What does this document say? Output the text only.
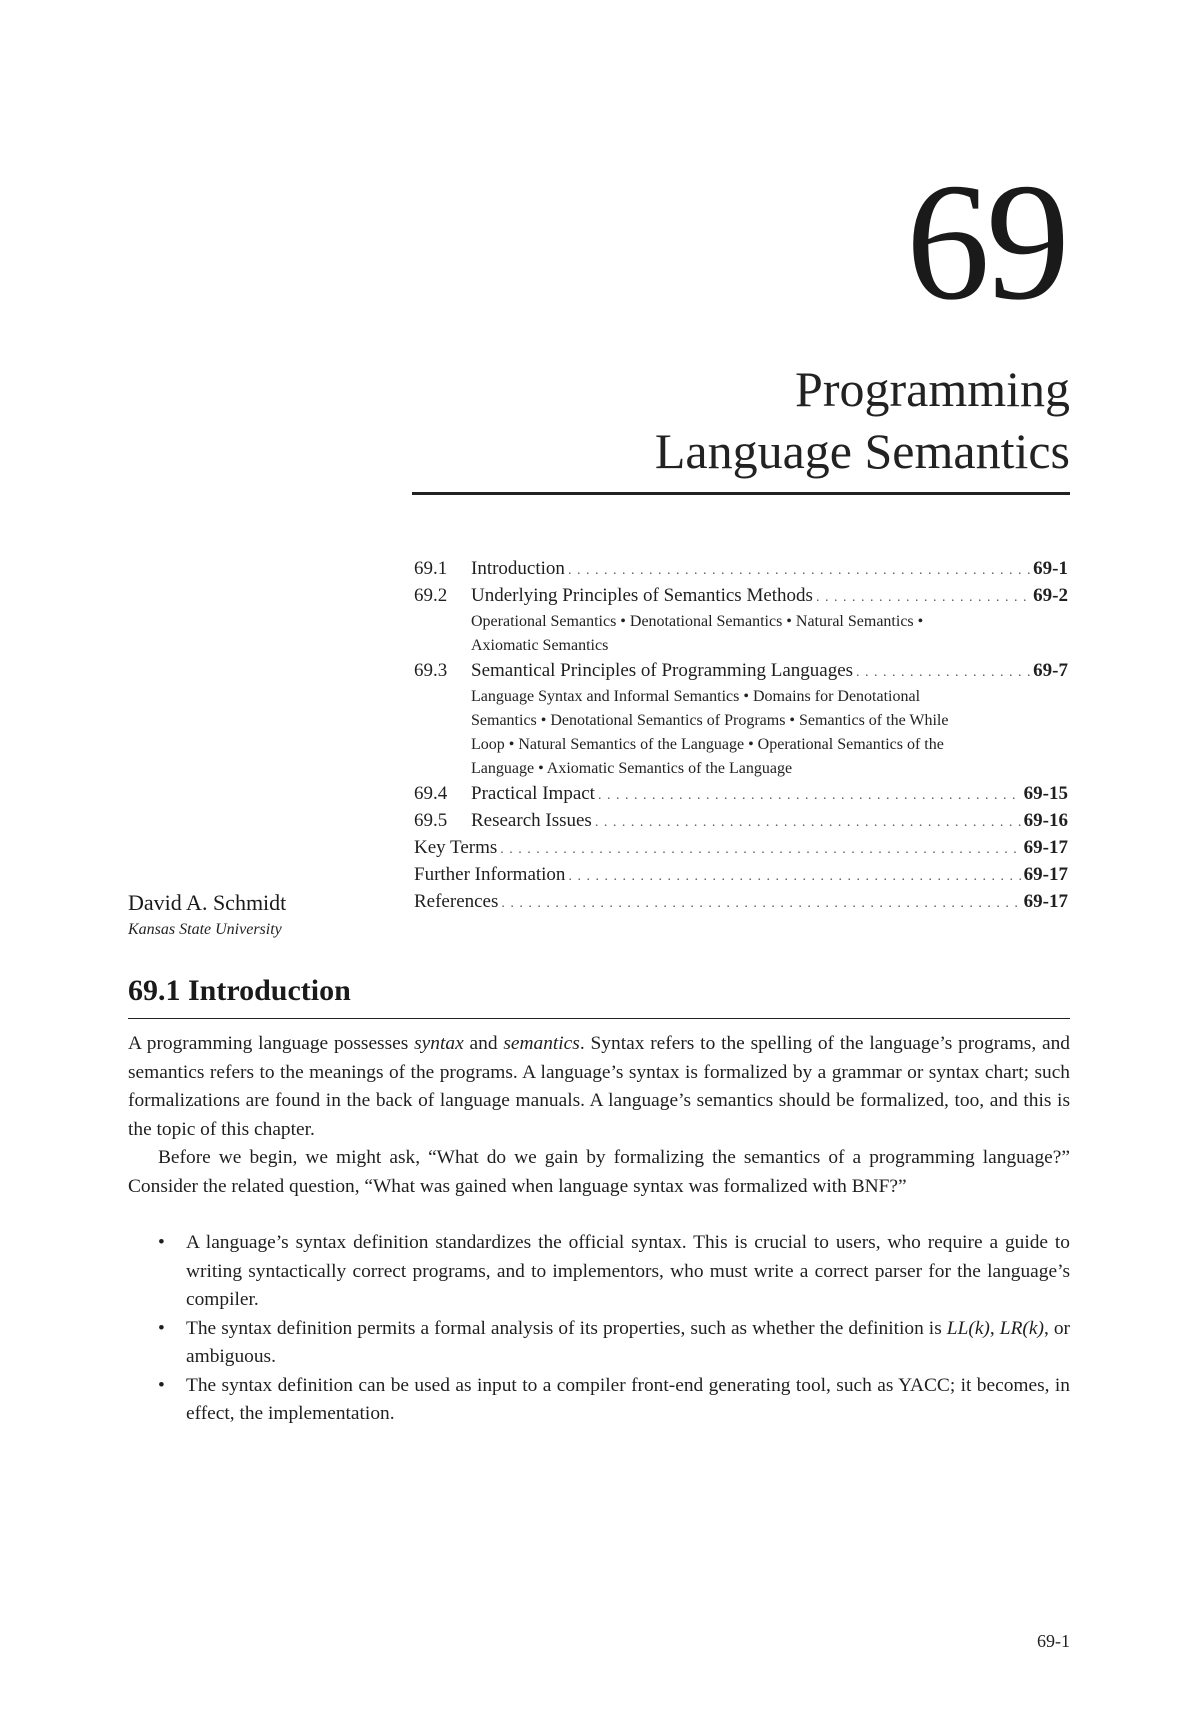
69
Programming
Language Semantics
69.1	Introduction . . .	69-1
69.2	Underlying Principles of Semantics Methods . . .	69-2
Operational Semantics • Denotational Semantics • Natural Semantics • Axiomatic Semantics
69.3	Semantical Principles of Programming Languages . . .	69-7
Language Syntax and Informal Semantics • Domains for Denotational Semantics • Denotational Semantics of Programs • Semantics of the While Loop • Natural Semantics of the Language • Operational Semantics of the Language • Axiomatic Semantics of the Language
69.4	Practical Impact . . .	69-15
69.5	Research Issues . . .	69-16
Key Terms . . .	69-17
Further Information . . .	69-17
References . . .	69-17
David A. Schmidt
Kansas State University
69.1 Introduction

A programming language possesses syntax and semantics. Syntax refers to the spelling of the language’s programs, and semantics refers to the meanings of the programs. A language’s syntax is formalized by a grammar or syntax chart; such formalizations are found in the back of language manuals. A language’s semantics should be formalized, too, and this is the topic of this chapter.

Before we begin, we might ask, “What do we gain by formalizing the semantics of a programming language?” Consider the related question, “What was gained when language syntax was formalized with BNF?”

• A language’s syntax definition standardizes the official syntax. This is crucial to users, who require a guide to writing syntactically correct programs, and to implementors, who must write a correct parser for the language’s compiler.
• The syntax definition permits a formal analysis of its properties, such as whether the definition is LL(k), LR(k), or ambiguous.
• The syntax definition can be used as input to a compiler front-end generating tool, such as YACC; it becomes, in effect, the implementation.
69-1
